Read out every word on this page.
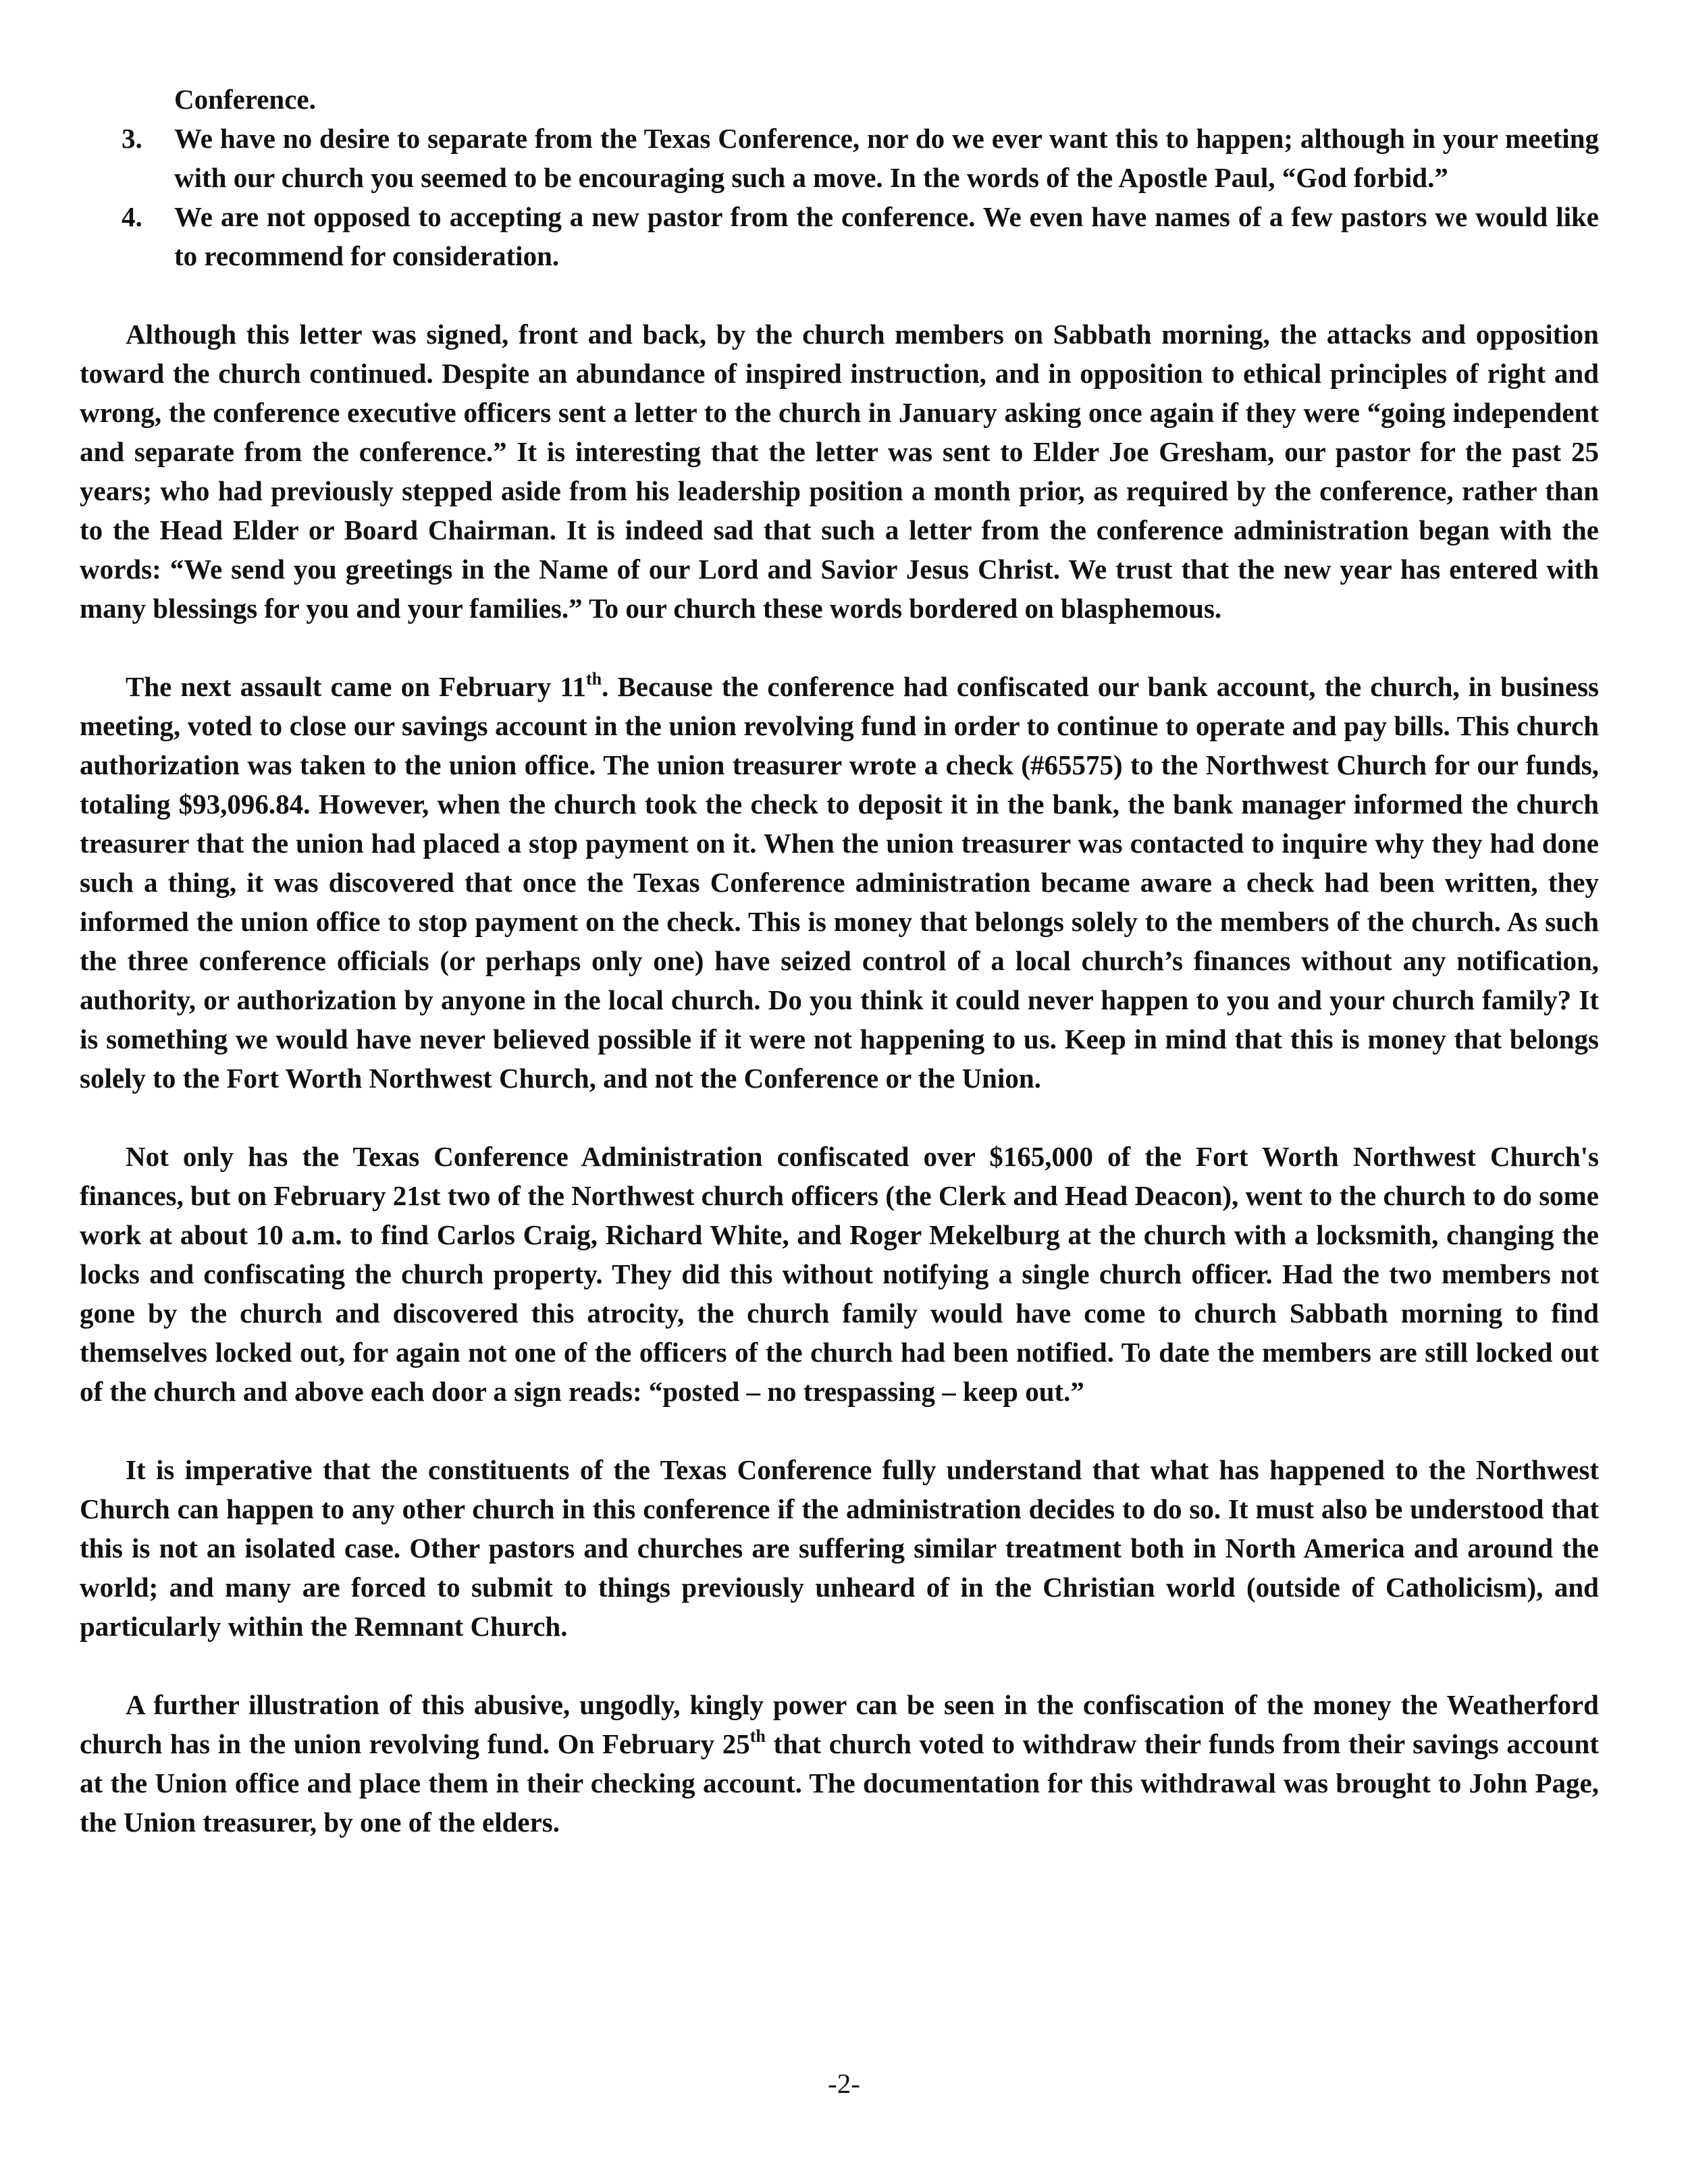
Conference.
3. We have no desire to separate from the Texas Conference, nor do we ever want this to happen; although in your meeting with our church you seemed to be encouraging such a move. In the words of the Apostle Paul, “God forbid.”
4. We are not opposed to accepting a new pastor from the conference. We even have names of a few pastors we would like to recommend for consideration.

Although this letter was signed, front and back, by the church members on Sabbath morning, the attacks and opposition toward the church continued. Despite an abundance of inspired instruction, and in opposition to ethical principles of right and wrong, the conference executive officers sent a letter to the church in January asking once again if they were “going independent and separate from the conference.” It is interesting that the letter was sent to Elder Joe Gresham, our pastor for the past 25 years; who had previously stepped aside from his leadership position a month prior, as required by the conference, rather than to the Head Elder or Board Chairman. It is indeed sad that such a letter from the conference administration began with the words: “We send you greetings in the Name of our Lord and Savior Jesus Christ. We trust that the new year has entered with many blessings for you and your families.” To our church these words bordered on blasphemous.

The next assault came on February 11th. Because the conference had confiscated our bank account, the church, in business meeting, voted to close our savings account in the union revolving fund in order to continue to operate and pay bills. This church authorization was taken to the union office. The union treasurer wrote a check (#65575) to the Northwest Church for our funds, totaling $93,096.84. However, when the church took the check to deposit it in the bank, the bank manager informed the church treasurer that the union had placed a stop payment on it. When the union treasurer was contacted to inquire why they had done such a thing, it was discovered that once the Texas Conference administration became aware a check had been written, they informed the union office to stop payment on the check. This is money that belongs solely to the members of the church. As such the three conference officials (or perhaps only one) have seized control of a local church’s finances without any notification, authority, or authorization by anyone in the local church. Do you think it could never happen to you and your church family? It is something we would have never believed possible if it were not happening to us. Keep in mind that this is money that belongs solely to the Fort Worth Northwest Church, and not the Conference or the Union.

Not only has the Texas Conference Administration confiscated over $165,000 of the Fort Worth Northwest Church's finances, but on February 21st two of the Northwest church officers (the Clerk and Head Deacon), went to the church to do some work at about 10 a.m. to find Carlos Craig, Richard White, and Roger Mekelburg at the church with a locksmith, changing the locks and confiscating the church property. They did this without notifying a single church officer. Had the two members not gone by the church and discovered this atrocity, the church family would have come to church Sabbath morning to find themselves locked out, for again not one of the officers of the church had been notified. To date the members are still locked out of the church and above each door a sign reads: “posted – no trespassing – keep out.”

It is imperative that the constituents of the Texas Conference fully understand that what has happened to the Northwest Church can happen to any other church in this conference if the administration decides to do so. It must also be understood that this is not an isolated case. Other pastors and churches are suffering similar treatment both in North America and around the world; and many are forced to submit to things previously unheard of in the Christian world (outside of Catholicism), and particularly within the Remnant Church.

A further illustration of this abusive, ungodly, kingly power can be seen in the confiscation of the money the Weatherford church has in the union revolving fund. On February 25th that church voted to withdraw their funds from their savings account at the Union office and place them in their checking account. The documentation for this withdrawal was brought to John Page, the Union treasurer, by one of the elders.

-2-
